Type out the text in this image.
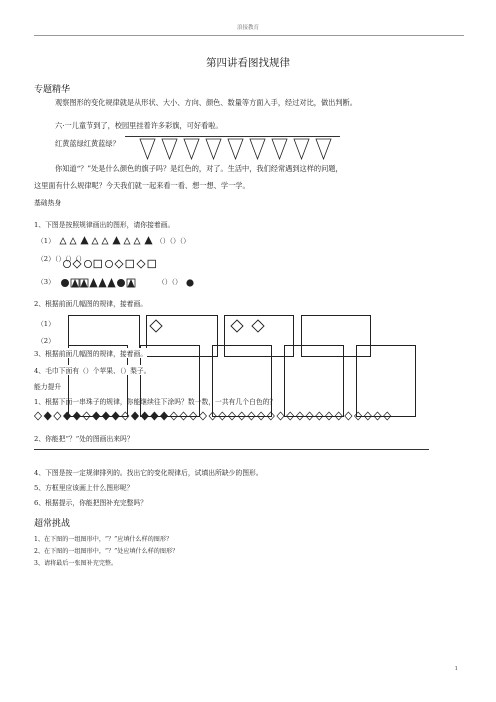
浪接教育
第四讲看图找规律
专题精华
观察图形的变化规律就是从形状、大小、方向、颜色、数量等方面入手，经过对比，做出判断。
六·一儿童节到了，校园里挂着许多彩旗，可好看啦。
红黄蓝绿红黄蓝绿？
你知道“？”处是什么颜色的旗子吗？是红色的，对了。生活中，我们经常遇到这样的问题，
这里面有什么规律呢？今天我们就一起来看一看、想一想、学一学。
基础热身
1、下图是按照规律画出的图形，请你接着画。
（1）	（）（）（）
（2）（）（）（）
（3）	（）（）
2、根据前面几幅图的规律，接着画。
（1）
（2）
3、根据前面几幅图的规律，接着画。
4、毛巾下面有（）个苹果、（）梨子。
能力提升
1、根据下面一串珠子的规律，你能继续往下涂吗？数一数，一共有几个白色的？
2、你能把“？”处的图画出来吗？
4、下图是按一定规律排列的。找出它的变化规律后，试填出所缺少的图形。
5、方框里应该画上什么图形呢？
6、根据提示，你能把图补充完整吗？
超常挑战
1、在下图的一组图形中，“？”应填什么样的图形？
2、在下图的一组图形中，“？”处应填什么样的图形？
3、请将最后一张图补充完整。
1
